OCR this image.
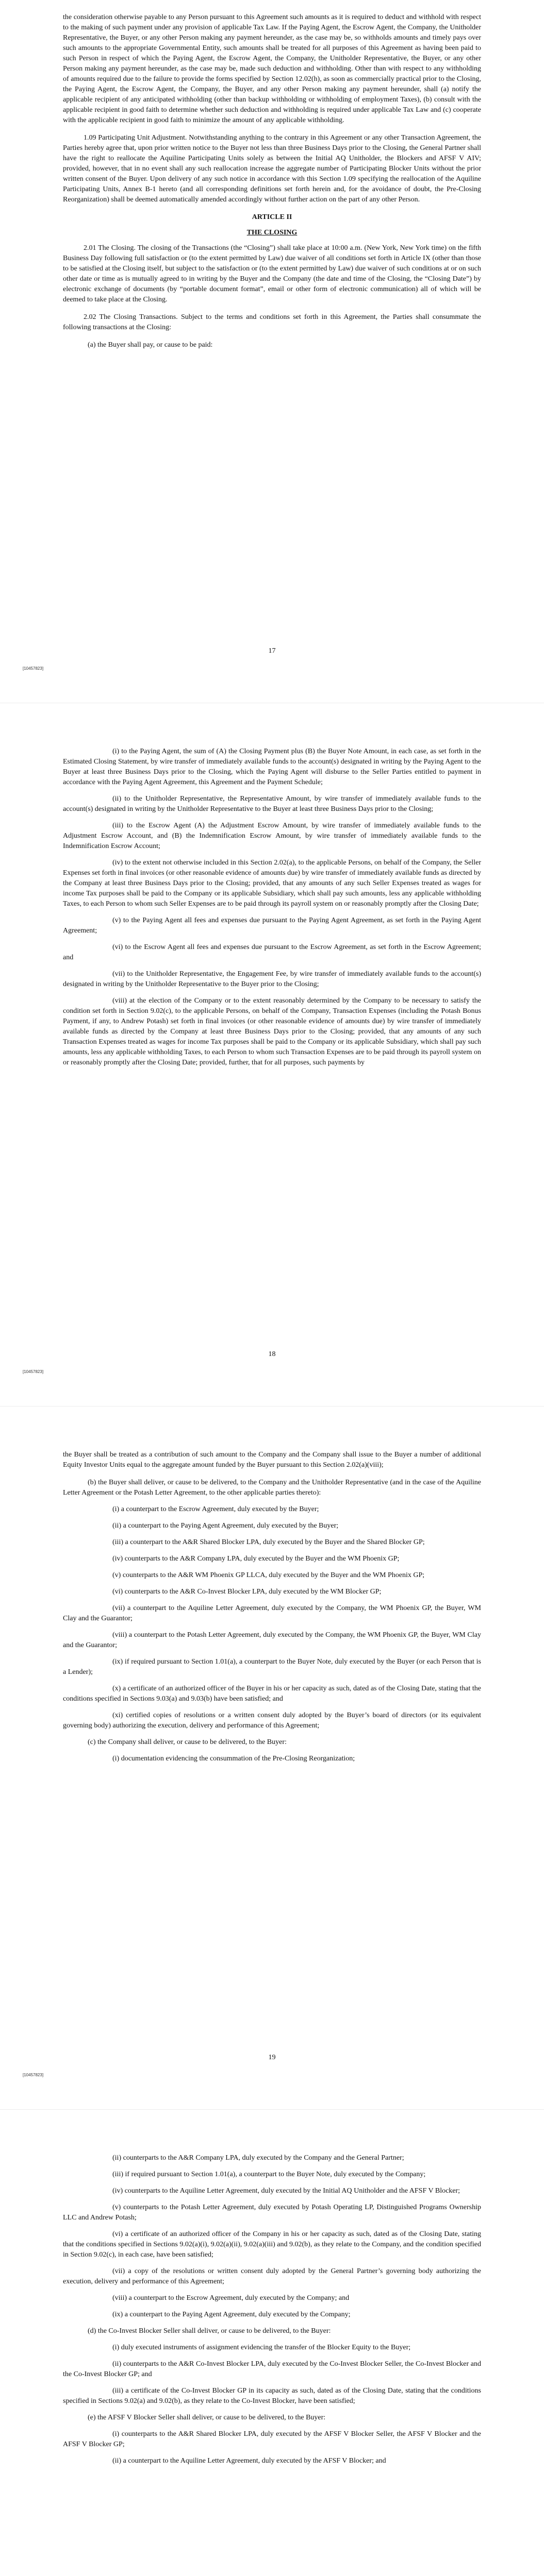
the consideration otherwise payable to any Person pursuant to this Agreement such amounts as it is required to deduct and withhold with respect to the making of such payment under any provision of applicable Tax Law. If the Paying Agent, the Escrow Agent, the Company, the Unitholder Representative, the Buyer, or any other Person making any payment hereunder, as the case may be, so withholds amounts and timely pays over such amounts to the appropriate Governmental Entity, such amounts shall be treated for all purposes of this Agreement as having been paid to such Person in respect of which the Paying Agent, the Escrow Agent, the Company, the Unitholder Representative, the Buyer, or any other Person making any payment hereunder, as the case may be, made such deduction and withholding. Other than with respect to any withholding of amounts required due to the failure to provide the forms specified by Section 12.02(h), as soon as commercially practical prior to the Closing, the Paying Agent, the Escrow Agent, the Company, the Buyer, and any other Person making any payment hereunder, shall (a) notify the applicable recipient of any anticipated withholding (other than backup withholding or withholding of employment Taxes), (b) consult with the applicable recipient in good faith to determine whether such deduction and withholding is required under applicable Tax Law and (c) cooperate with the applicable recipient in good faith to minimize the amount of any applicable withholding.

1.09 Participating Unit Adjustment. Notwithstanding anything to the contrary in this Agreement or any other Transaction Agreement, the Parties hereby agree that, upon prior written notice to the Buyer not less than three Business Days prior to the Closing, the General Partner shall have the right to reallocate the Aquiline Participating Units solely as between the Initial AQ Unitholder, the Blockers and AFSF V AIV; provided, however, that in no event shall any such reallocation increase the aggregate number of Participating Blocker Units without the prior written consent of the Buyer. Upon delivery of any such notice in accordance with this Section 1.09 specifying the reallocation of the Aquiline Participating Units, Annex B-1 hereto (and all corresponding definitions set forth herein and, for the avoidance of doubt, the Pre-Closing Reorganization) shall be deemed automatically amended accordingly without further action on the part of any other Person.

ARTICLE II

THE CLOSING

2.01 The Closing. The closing of the Transactions (the “Closing”) shall take place at 10:00 a.m. (New York, New York time) on the fifth Business Day following full satisfaction or (to the extent permitted by Law) due waiver of all conditions set forth in Article IX (other than those to be satisfied at the Closing itself, but subject to the satisfaction or (to the extent permitted by Law) due waiver of such conditions at or on such other date or time as is mutually agreed to in writing by the Buyer and the Company (the date and time of the Closing, the “Closing Date”) by electronic exchange of documents (by “portable document format”, email or other form of electronic communication) all of which will be deemed to take place at the Closing.

2.02 The Closing Transactions. Subject to the terms and conditions set forth in this Agreement, the Parties shall consummate the following transactions at the Closing:

(a) the Buyer shall pay, or cause to be paid:

17
[10457823]

(i) to the Paying Agent, the sum of (A) the Closing Payment plus (B) the Buyer Note Amount, in each case, as set forth in the Estimated Closing Statement, by wire transfer of immediately available funds to the account(s) designated in writing by the Paying Agent to the Buyer at least three Business Days prior to the Closing, which the Paying Agent will disburse to the Seller Parties entitled to payment in accordance with the Paying Agent Agreement, this Agreement and the Payment Schedule;

(ii) to the Unitholder Representative, the Representative Amount, by wire transfer of immediately available funds to the account(s) designated in writing by the Unitholder Representative to the Buyer at least three Business Days prior to the Closing;

(iii) to the Escrow Agent (A) the Adjustment Escrow Amount, by wire transfer of immediately available funds to the Adjustment Escrow Account, and (B) the Indemnification Escrow Amount, by wire transfer of immediately available funds to the Indemnification Escrow Account;

(iv) to the extent not otherwise included in this Section 2.02(a), to the applicable Persons, on behalf of the Company, the Seller Expenses set forth in final invoices (or other reasonable evidence of amounts due) by wire transfer of immediately available funds as directed by the Company at least three Business Days prior to the Closing; provided, that any amounts of any such Seller Expenses treated as wages for income Tax purposes shall be paid to the Company or its applicable Subsidiary, which shall pay such amounts, less any applicable withholding Taxes, to each Person to whom such Seller Expenses are to be paid through its payroll system on or reasonably promptly after the Closing Date;

(v) to the Paying Agent all fees and expenses due pursuant to the Paying Agent Agreement, as set forth in the Paying Agent Agreement;

(vi) to the Escrow Agent all fees and expenses due pursuant to the Escrow Agreement, as set forth in the Escrow Agreement; and

(vii) to the Unitholder Representative, the Engagement Fee, by wire transfer of immediately available funds to the account(s) designated in writing by the Unitholder Representative to the Buyer prior to the Closing;

(viii) at the election of the Company or to the extent reasonably determined by the Company to be necessary to satisfy the condition set forth in Section 9.02(c), to the applicable Persons, on behalf of the Company, Transaction Expenses (including the Potash Bonus Payment, if any, to Andrew Potash) set forth in final invoices (or other reasonable evidence of amounts due) by wire transfer of immediately available funds as directed by the Company at least three Business Days prior to the Closing; provided, that any amounts of any such Transaction Expenses treated as wages for income Tax purposes shall be paid to the Company or its applicable Subsidiary, which shall pay such amounts, less any applicable withholding Taxes, to each Person to whom such Transaction Expenses are to be paid through its payroll system on or reasonably promptly after the Closing Date; provided, further, that for all purposes, such payments by

18
[10457823]

the Buyer shall be treated as a contribution of such amount to the Company and the Company shall issue to the Buyer a number of additional Equity Investor Units equal to the aggregate amount funded by the Buyer pursuant to this Section 2.02(a)(viii);

(b) the Buyer shall deliver, or cause to be delivered, to the Company and the Unitholder Representative (and in the case of the Aquiline Letter Agreement or the Potash Letter Agreement, to the other applicable parties thereto):

(i) a counterpart to the Escrow Agreement, duly executed by the Buyer;

(ii) a counterpart to the Paying Agent Agreement, duly executed by the Buyer;

(iii) a counterpart to the A&R Shared Blocker LPA, duly executed by the Buyer and the Shared Blocker GP;

(iv) counterparts to the A&R Company LPA, duly executed by the Buyer and the WM Phoenix GP;

(v) counterparts to the A&R WM Phoenix GP LLCA, duly executed by the Buyer and the WM Phoenix GP;

(vi) counterparts to the A&R Co-Invest Blocker LPA, duly executed by the WM Blocker GP;

(vii) a counterpart to the Aquiline Letter Agreement, duly executed by the Company, the WM Phoenix GP, the Buyer, WM Clay and the Guarantor;

(viii) a counterpart to the Potash Letter Agreement, duly executed by the Company, the WM Phoenix GP, the Buyer, WM Clay and the Guarantor;

(ix) if required pursuant to Section 1.01(a), a counterpart to the Buyer Note, duly executed by the Buyer (or each Person that is a Lender);

(x) a certificate of an authorized officer of the Buyer in his or her capacity as such, dated as of the Closing Date, stating that the conditions specified in Sections 9.03(a) and 9.03(b) have been satisfied; and

(xi) certified copies of resolutions or a written consent duly adopted by the Buyer’s board of directors (or its equivalent governing body) authorizing the execution, delivery and performance of this Agreement;

(c) the Company shall deliver, or cause to be delivered, to the Buyer:

(i) documentation evidencing the consummation of the Pre-Closing Reorganization;

19
[10457823]

(ii) counterparts to the A&R Company LPA, duly executed by the Company and the General Partner;

(iii) if required pursuant to Section 1.01(a), a counterpart to the Buyer Note, duly executed by the Company;

(iv) counterparts to the Aquiline Letter Agreement, duly executed by the Initial AQ Unitholder and the AFSF V Blocker;

(v) counterparts to the Potash Letter Agreement, duly executed by Potash Operating LP, Distinguished Programs Ownership LLC and Andrew Potash;

(vi) a certificate of an authorized officer of the Company in his or her capacity as such, dated as of the Closing Date, stating that the conditions specified in Sections 9.02(a)(i), 9.02(a)(ii), 9.02(a)(iii) and 9.02(b), as they relate to the Company, and the condition specified in Section 9.02(c), in each case, have been satisfied;

(vii) a copy of the resolutions or written consent duly adopted by the General Partner’s governing body authorizing the execution, delivery and performance of this Agreement;

(viii) a counterpart to the Escrow Agreement, duly executed by the Company; and

(ix) a counterpart to the Paying Agent Agreement, duly executed by the Company;

(d) the Co-Invest Blocker Seller shall deliver, or cause to be delivered, to the Buyer:

(i) duly executed instruments of assignment evidencing the transfer of the Blocker Equity to the Buyer;

(ii) counterparts to the A&R Co-Invest Blocker LPA, duly executed by the Co-Invest Blocker Seller, the Co-Invest Blocker and the Co-Invest Blocker GP; and

(iii) a certificate of the Co-Invest Blocker GP in its capacity as such, dated as of the Closing Date, stating that the conditions specified in Sections 9.02(a) and 9.02(b), as they relate to the Co-Invest Blocker, have been satisfied;

(e) the AFSF V Blocker Seller shall deliver, or cause to be delivered, to the Buyer:

(i) counterparts to the A&R Shared Blocker LPA, duly executed by the AFSF V Blocker Seller, the AFSF V Blocker and the AFSF V Blocker GP;

(ii) a counterpart to the Aquiline Letter Agreement, duly executed by the AFSF V Blocker; and
